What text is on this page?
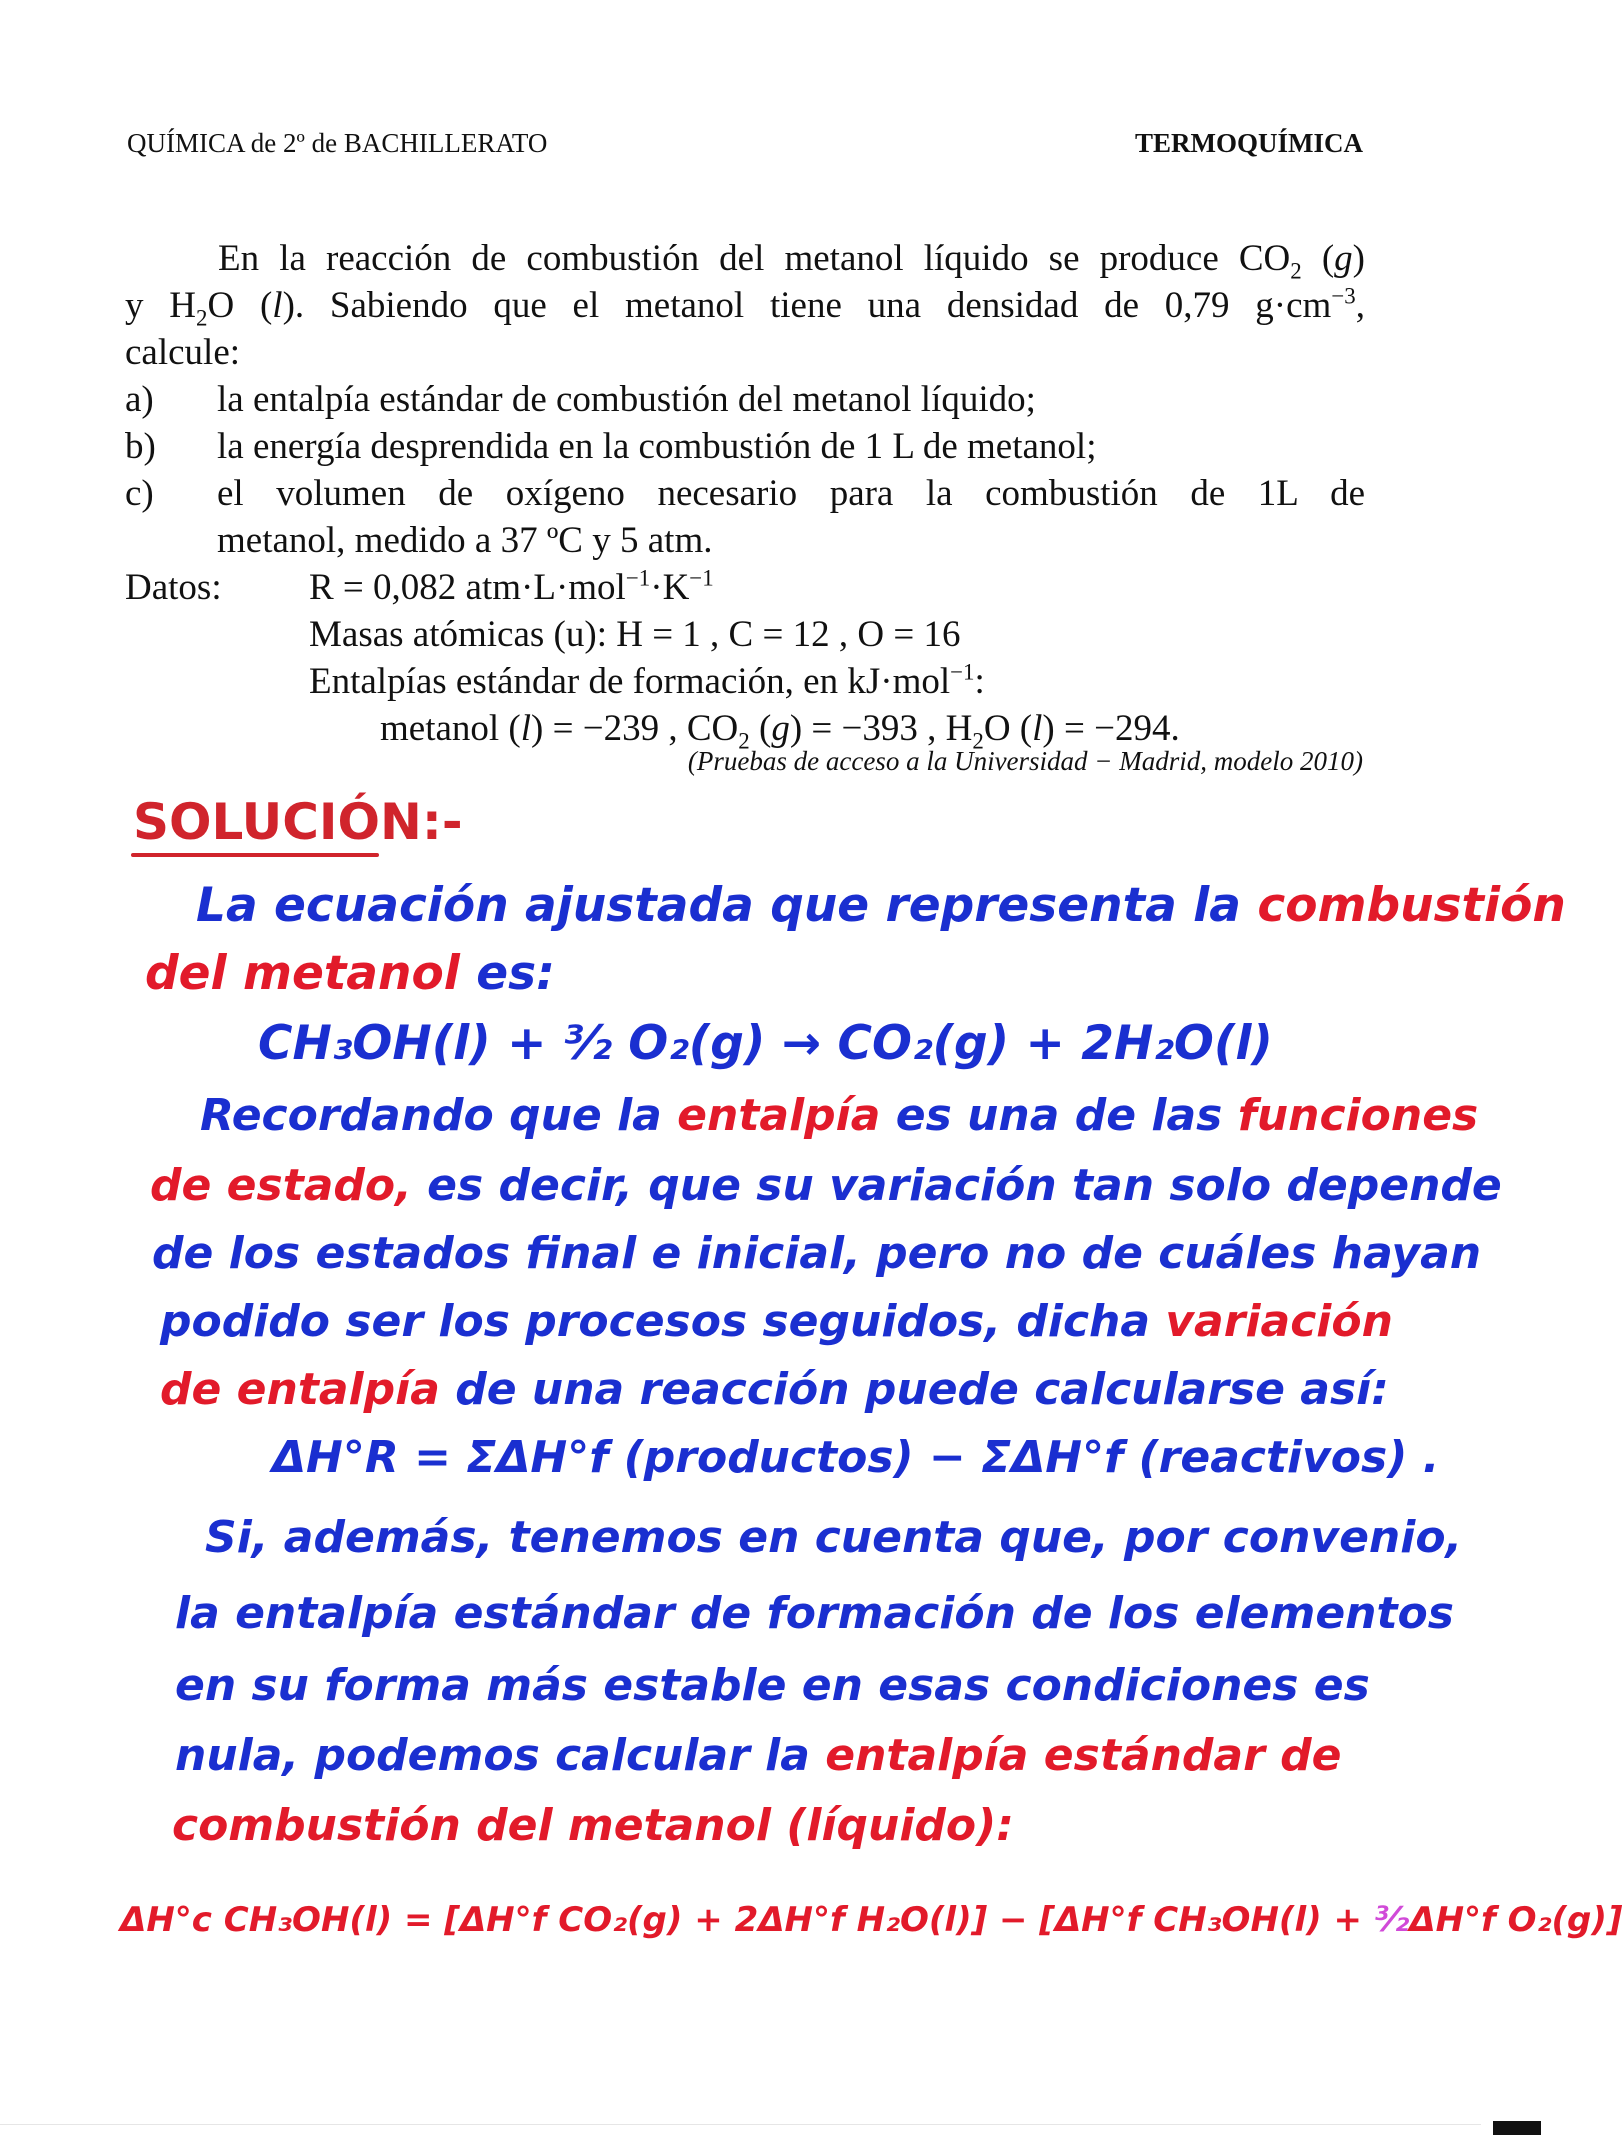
QUÍMICA de 2º de BACHILLERATO	TERMOQUÍMICA
En la reacción de combustión del metanol líquido se produce $CO_2$ (g)
y $H_2O$ (l). Sabiendo que el metanol tiene una densidad de 0,79 $g\cdot cm^{-3}$,
calcule:
a) la entalpía estándar de combustión del metanol líquido;
b) la energía desprendida en la combustión de 1 L de metanol;
c) el volumen de oxígeno necesario para la combustión de 1L de
metanol, medido a 37 ºC y 5 atm.
Datos: R = 0,082 $atm\cdot L\cdot mol^{-1}\cdot K^{-1}$
Masas atómicas (u): H = 1 , C = 12 , O = 16
Entalpías estándar de formación, en kJ·mol$^{-1}$:
metanol (l) = −239 , $CO_2$ (g) = −393 , $H_2O$ (l) = −294.
(Pruebas de acceso a la Universidad − Madrid, modelo 2010)
SOLUCIÓN:-
La ecuación ajustada que representa la combustión
del metanol es:
CH₃OH(l) + ³⁄₂ O₂(g) → CO₂(g) + 2H₂O(l)
Recordando que la entalpía es una de las funciones
de estado, es decir, que su variación tan solo depende
de los estados final e inicial, pero no de cuáles hayan
podido ser los procesos seguidos, dicha variación
de entalpía de una reacción puede calcularse así:
ΔH°R = ΣΔH°f (productos) − ΣΔH°f (reactivos) .
Si, además, tenemos en cuenta que, por convenio,
la entalpía estándar de formación de los elementos
en su forma más estable en esas condiciones es
nula, podemos calcular la entalpía estándar de
combustión del metanol (líquido):
ΔH°c CH₃OH(l) = [ΔH°f CO₂(g) + 2ΔH°f H₂O(l)] − [ΔH°f CH₃OH(l) + ³⁄₂ΔH°f O₂(g)]
